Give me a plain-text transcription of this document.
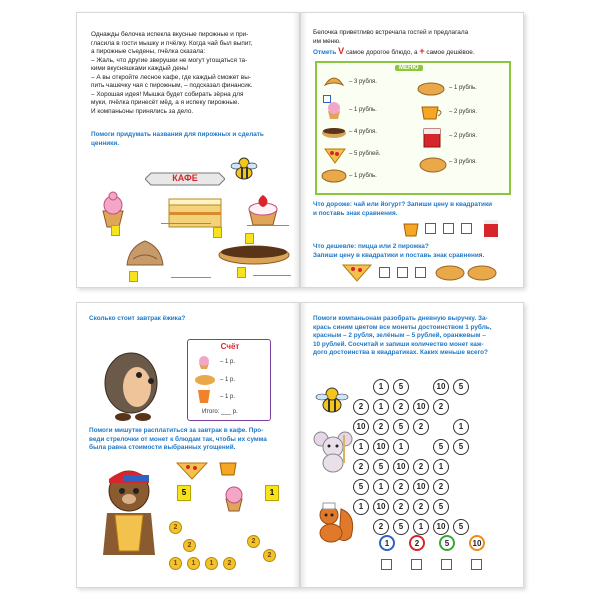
Однажды белочка испекла вкусные пирожные и при-
гласила в гости мышку и пчёлку. Когда чай был выпит,
а пирожные съедены, пчёлка сказала:
– Жаль, что другие зверушки не могут угощаться та-
кими вкусняшками каждый день!
– А вы откройте лесное кафе, где каждый сможет вы-
пить чашечку чая с пирожным, – подсказал финансик.
– Хорошая идея! Мышка будет собирать зёрна для
муки, пчёлка принесёт мёд, а я испеку пирожные.
И компаньоны принялись за дело.
Помоги придумать названия для пирожных и сделать
ценники.
КАФЕ
Белочка приветливо встречала гостей и предлагала
им меню.
Отметь V самое дорогое блюдо, а + самое дешёвое.
МЕНЮ
– 3 рубля.
– 1 рубль.
– 4 рубля.
– 5 рублей.
– 1 рубль.
– 1 рубль.
– 2 рубля.
– 2 рубля.
– 3 рубля.
Что дороже: чай или йогурт? Запиши цену в квадратики
и поставь знак сравнения.
Что дешевле: пицца или 2 пирожка?
Запиши цену в квадратики и поставь знак сравнения.
Сколько стоит завтрак ёжика?
Счёт
– 1 р.
– 1 р.
– 1 р.
Итого: ___ р.
Помоги мишутке расплатиться за завтрак в кафе. Про-
веди стрелочки от монет к блюдам так, чтобы их сумма
была равна стоимости выбранных угощений.
5	1
2
2
1	1	1	2
2
2
Помоги компаньонам разобрать дневную выручку. За-
крась синим цветом все монеты достоинством 1 рубль,
красным – 2 рубля, зелёным – 5 рублей, оранжевым –
10 рублей. Сосчитай и запиши количество монет каж-
дого достоинства в квадратиках. Каких меньше всего?
1	5	10	5
2	1	2	10	2
10	2	5	2	1
1	10	1	5	5
2	5	10	2	1
5	1	2	10	2
1	10	2	2	5
2	5	1	10	5
1	2	5	10
